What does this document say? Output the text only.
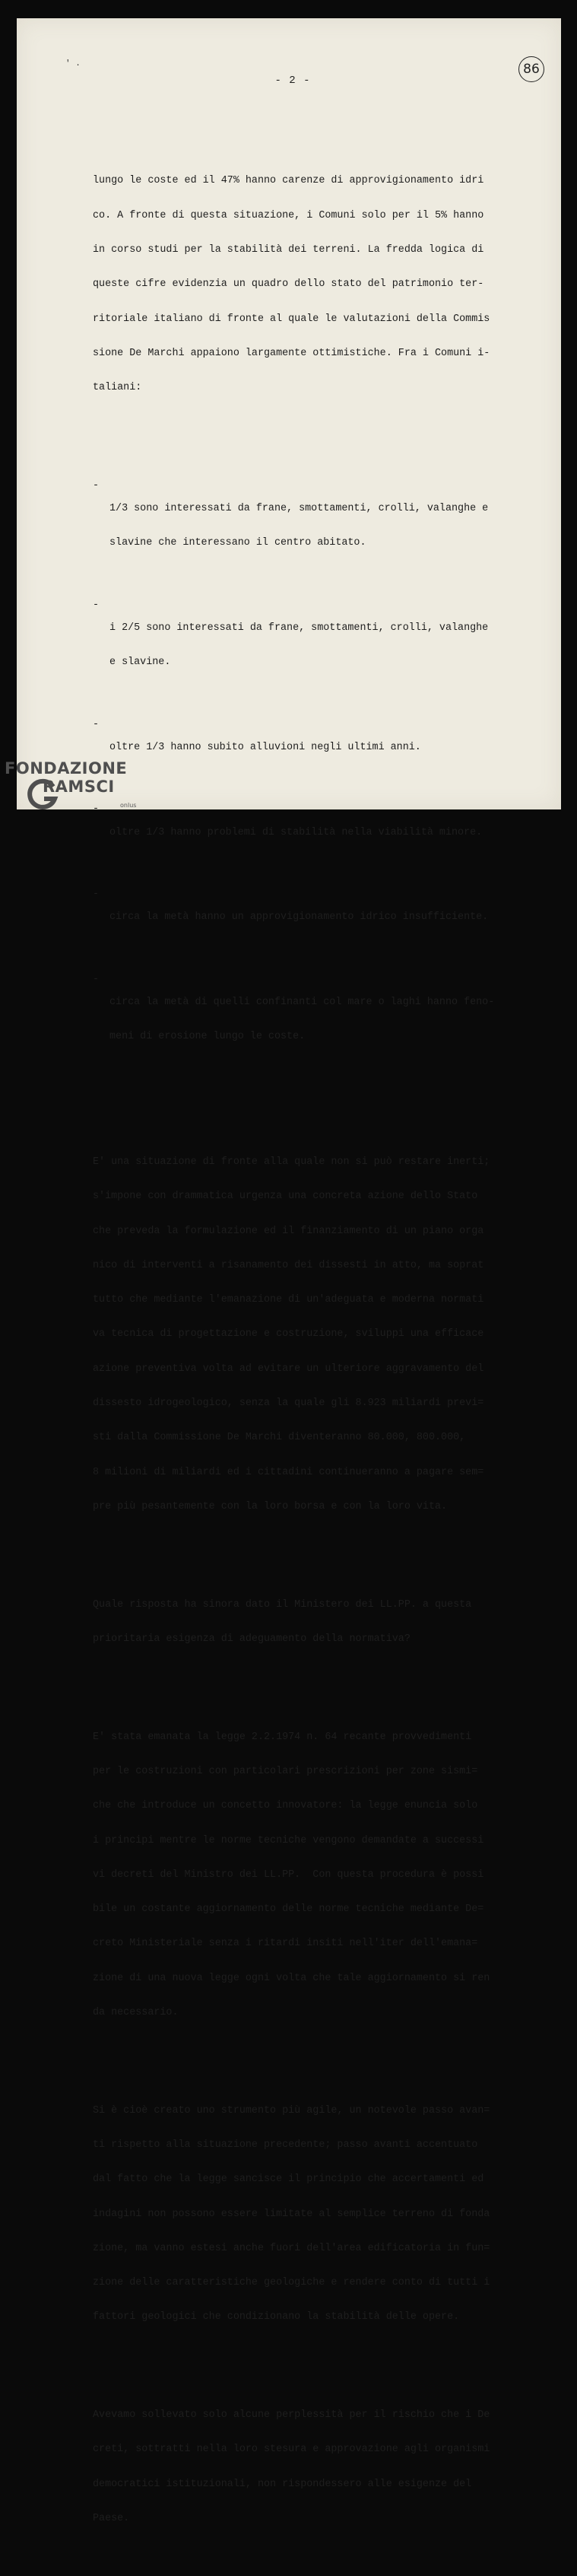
' .	86
- 2 -

lungo le coste ed il 47% hanno carenze di approvigionamento idri

co. A fronte di questa situazione, i Comuni solo per il 5% hanno

in corso studi per la stabilità dei terreni. La fredda logica di

queste cifre evidenzia un quadro dello stato del patrimonio ter-

ritoriale italiano di fronte al quale le valutazioni della Commis

sione De Marchi appaiono largamente ottimistiche. Fra i Comuni i-

taliani:

-

1/3 sono interessati da frane, smottamenti, crolli, valanghe e

slavine che interessano il centro abitato.

-

i 2/5 sono interessati da frane, smottamenti, crolli, valanghe

e slavine.

-

oltre 1/3 hanno subito alluvioni negli ultimi anni.

-

oltre 1/3 hanno problemi di stabilità nella viabilità minore.

-

circa la metà hanno un approvigionamento idrico insufficiente.

-

circa la metà di quelli confinanti col mare o laghi hanno feno-

meni di erosione lungo le coste.

E' una situazione di fronte alla quale non si può restare inerti;

s'impone con drammatica urgenza una concreta azione dello Stato

che preveda la formulazione ed il finanziamento di un piano orga

nico di interventi a risanamento dei dissesti in atto, ma soprat

tutto che mediante l'emanazione di un'adeguata e moderna normati

va tecnica di progettazione e costruzione, sviluppi una efficace

azione preventiva volta ad evitare un ulteriore aggravamento del

dissesto idrogeologico, senza la quale gli 8.923 miliardi previ=

sti dalla Commissione De Marchi diventeranno 80.000, 800.000,

8 milioni di miliardi ed i cittadini continueranno a pagare sem=

pre più pesantemente con la loro borsa e con la loro vita.

Quale risposta ha sinora dato il Ministero dei LL.PP. a questa

prioritaria esigenza di adeguamento della normativa?

E' stata emanata la legge 2.2.1974 n. 64 recante provvedimenti

per le costruzioni con particolari prescrizioni per zone sismi=

che che introduce un concetto innovatore: la legge enuncia solo

i principi mentre le norme tecniche vengono demandate a successi

vi decreti del Ministro dei LL.PP.  Con questa procedura è possi

bile un costante aggiornamento delle norme tecniche mediante De=

creto Ministeriale senza i ritardi insiti nell'iter dell'emana=

zione di una nuova legge ogni volta che tale aggiornamento si ren

da necessario.

Si è cioè creato uno strumento più agile, un notevole passo avan=

ti rispetto alla situazione precedente; passo avanti accentuato

dal fatto che la legge sancisce il principio che accertamenti ed

indagini non possono essere limitate al semplice terreno di fonda

zione, ma vanno estesi anche fuori dell'area edificatoria in fun=

zione delle caratteristiche geologiche e rendere conto di tutti i

fattori geologici che condizionano la stabilità delle opere.

Avevamo sollevato solo alcune perplessità per il rischio che i De

creti, sottratti nella loro stesura e approvazione agli organismi

democratici istituzionali, non rispondessero alle esigenze del

Paese.

FONDAZIONE
RAMSCI
onlus
